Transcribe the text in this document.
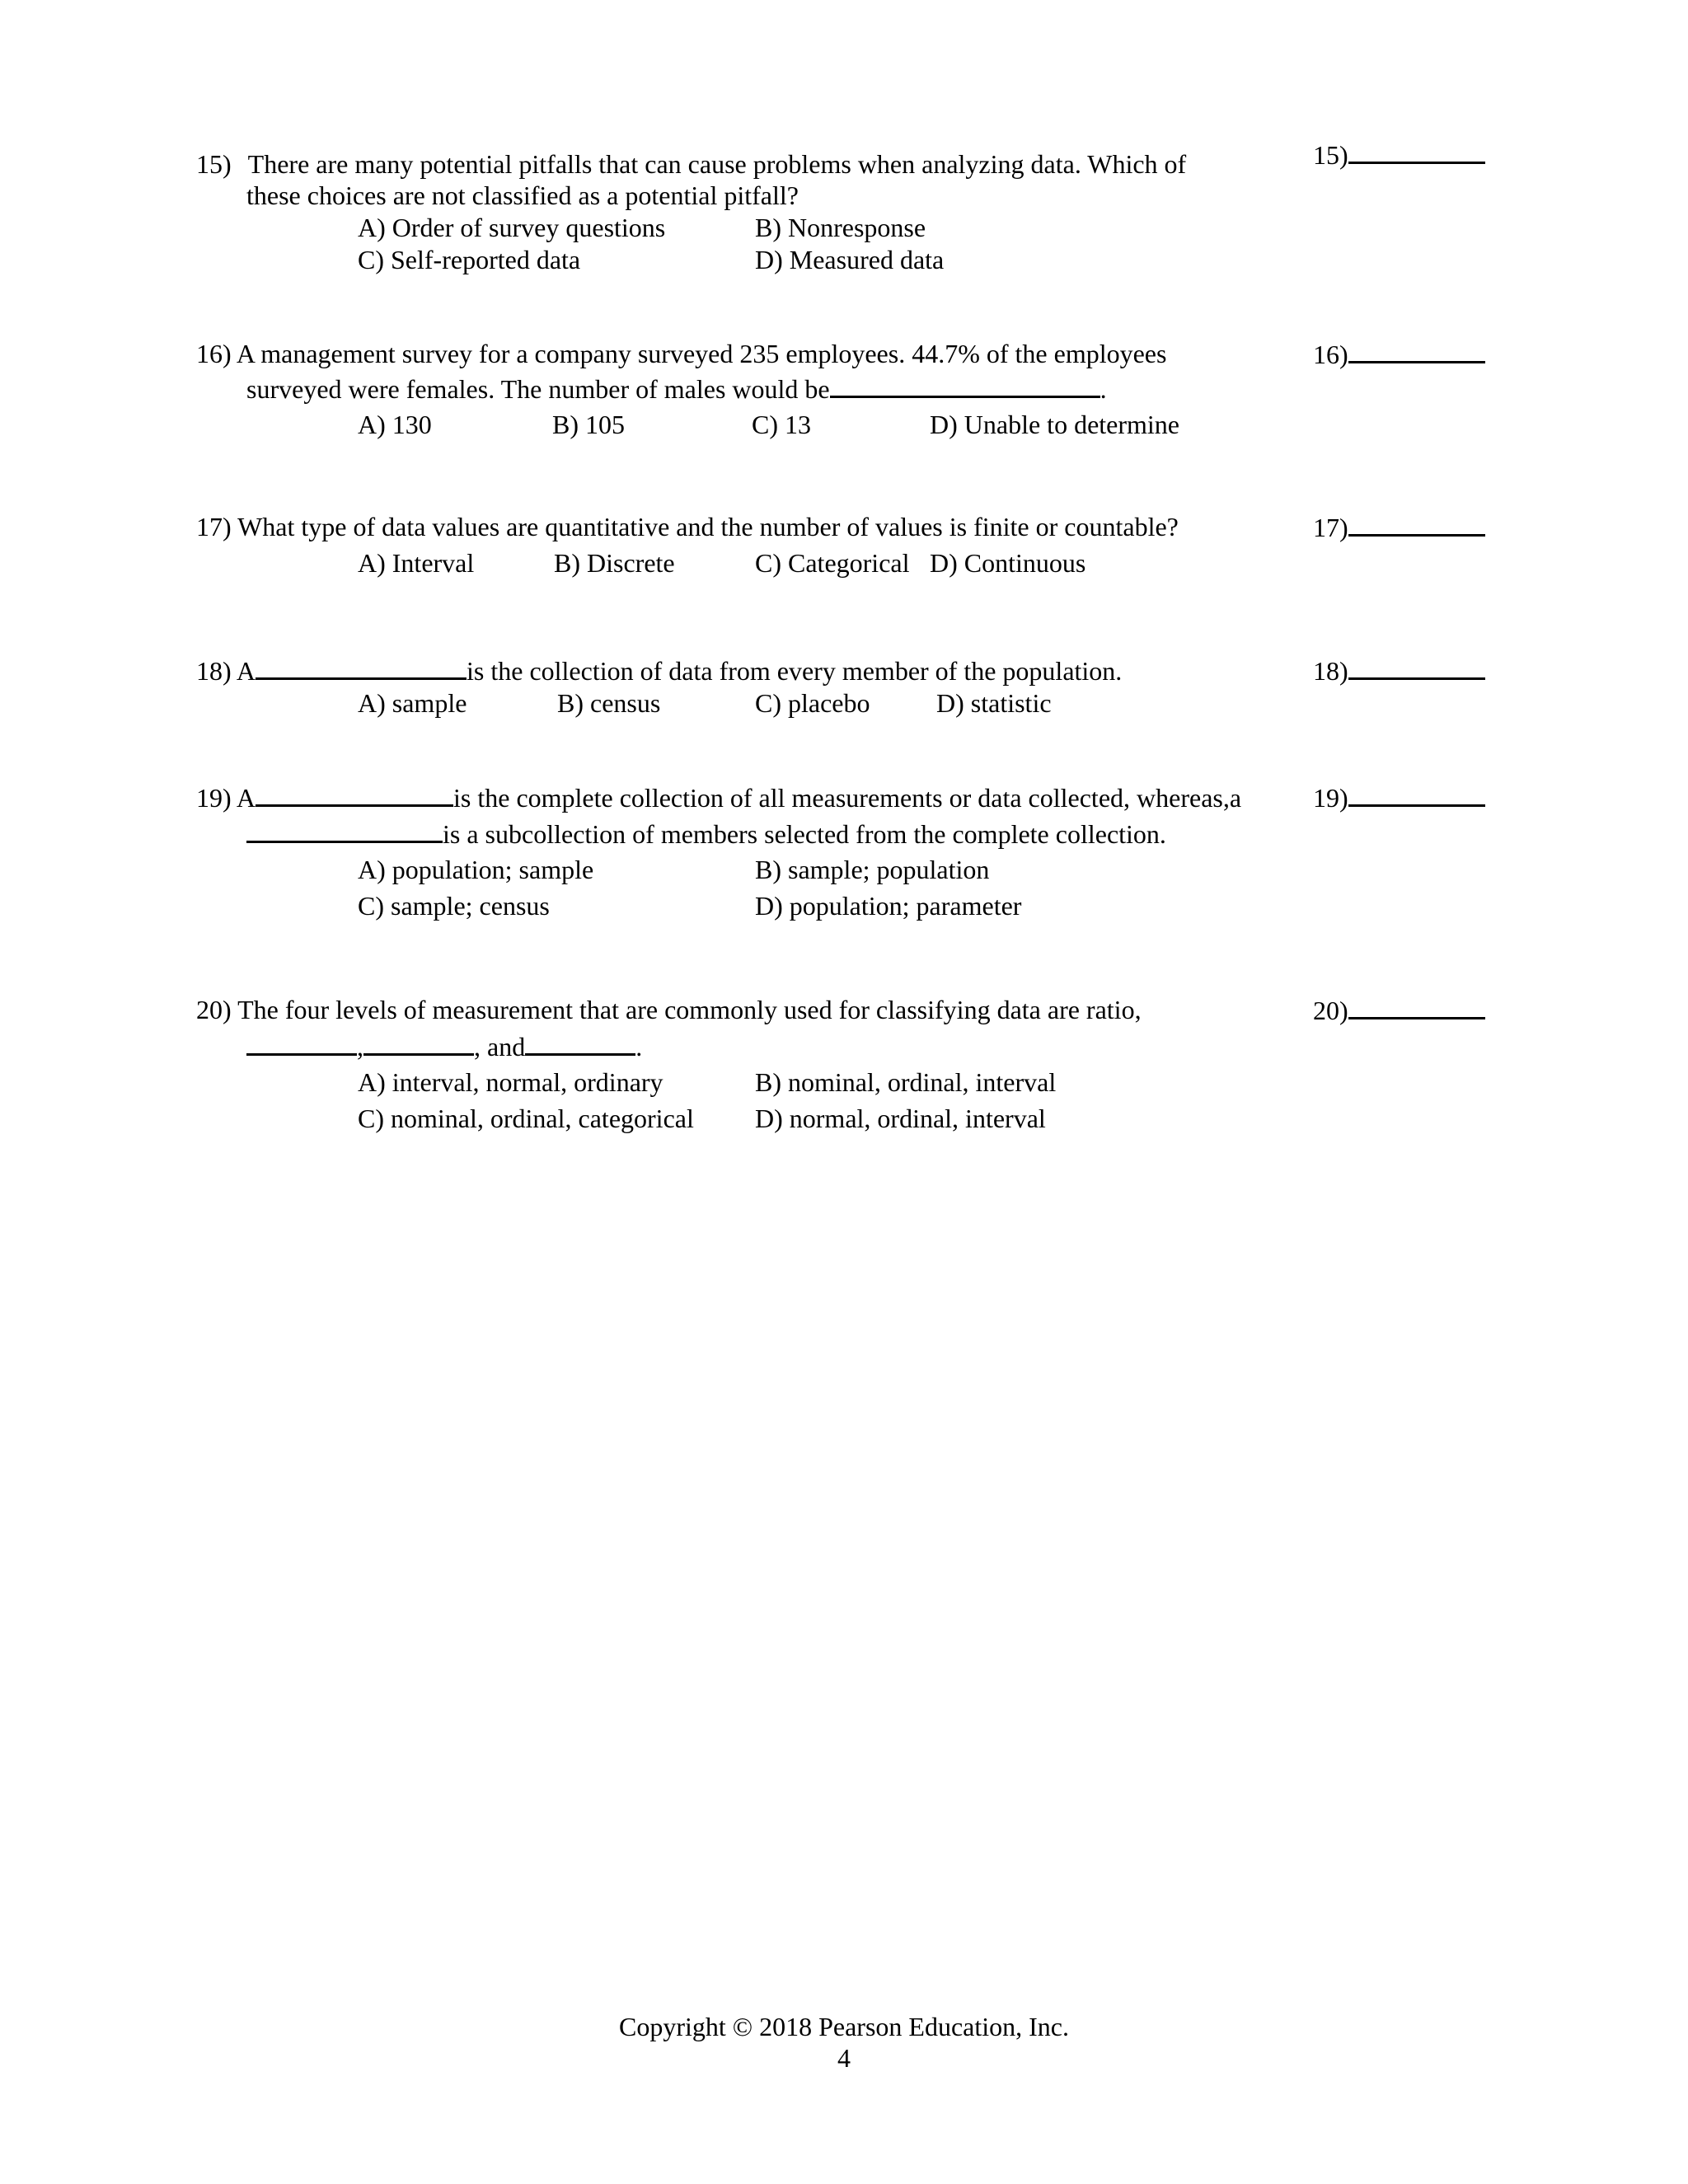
15) There are many potential pitfalls that can cause problems when analyzing data. Which of
these choices are not classified as a potential pitfall?
A) Order of survey questions	B) Nonresponse
C) Self-reported data	D) Measured data
15)
16) A management survey for a company surveyed 235 employees. 44.7% of the employees
surveyed were females. The number of males would be	.
A) 130	B) 105	C) 13	D) Unable to determine
16)
17) What type of data values are quantitative and the number of values is finite or countable?
A) Interval	B) Discrete	C) Categorical D) Continuous
17)
18) A	is the collection of data from every member of the population.
A) sample	B) census	C) placebo	D) statistic
18)
19) A	is the complete collection of all measurements or data collected, whereas,a
is a subcollection of members selected from the complete collection.
A) population; sample	B) sample; population
C) sample; census	D) population; parameter
19)
20) The four levels of measurement that are commonly used for classifying data are ratio,
,	, and	.
A) interval, normal, ordinary	B) nominal, ordinal, interval
C) nominal, ordinal, categorical D) normal, ordinal, interval
20)
Copyright © 2018 Pearson Education, Inc.
4
